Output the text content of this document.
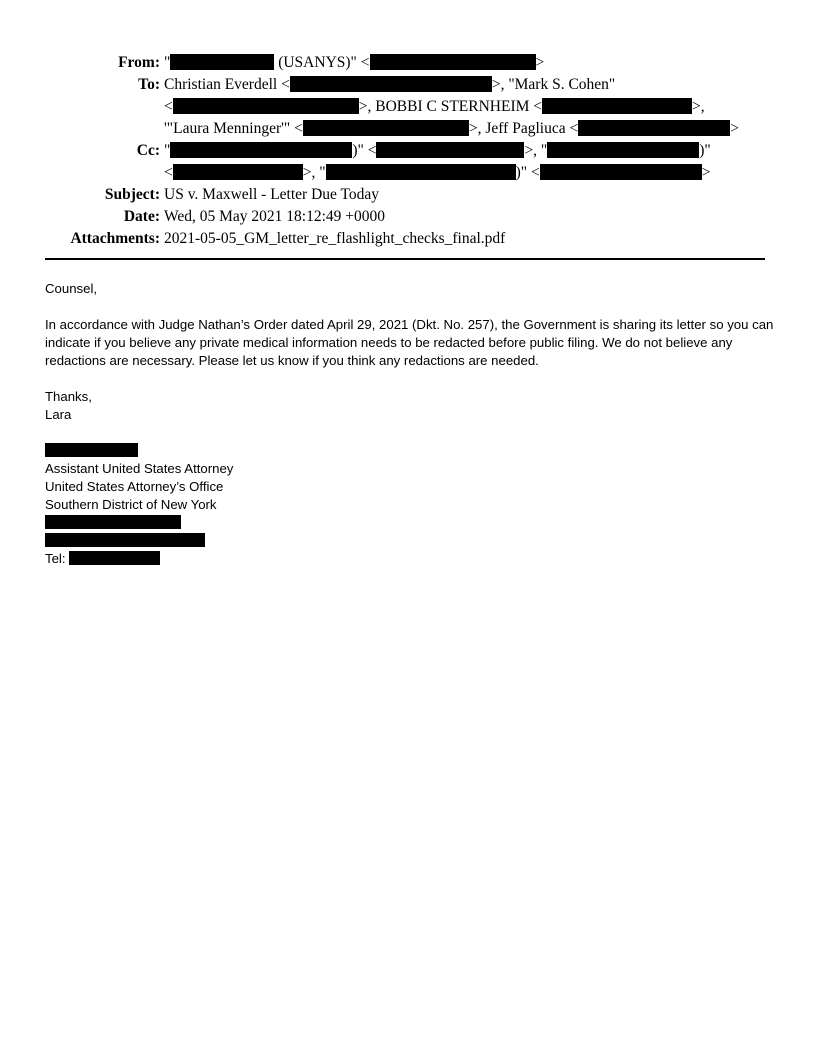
From: "	(USANYS)" <	>
To: Christian Everdell <	>, "Mark S. Cohen"
<	>, BOBBI C STERNHEIM <	>,
'"Laura Menninger'" <	>, Jeff Pagliuca <	>
Cc: "	)" <	>, "	)"
<	>, "	)" <	>
Subject: US v. Maxwell - Letter Due Today
Date: Wed, 05 May 2021 18:12:49 +0000
Attachments: 2021-05-05_GM_letter_re_flashlight_checks_final.pdf

Counsel,

In accordance with Judge Nathan’s Order dated April 29, 2021 (Dkt. No. 257), the Government is sharing its letter so you can indicate if you believe any private medical information needs to be redacted before public filing. We do not believe any redactions are necessary. Please let us know if you think any redactions are needed.

Thanks,
Lara
Assistant United States Attorney
United States Attorney’s Office
Southern District of New York
Tel:
